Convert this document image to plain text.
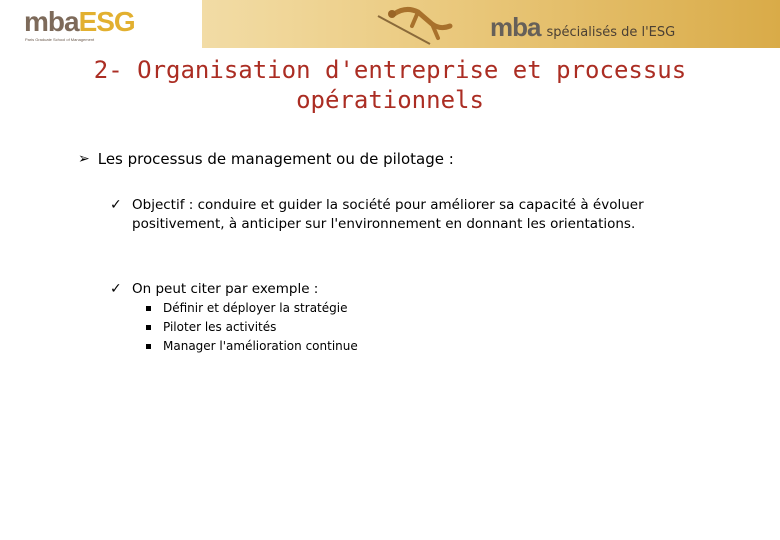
mbaESG
Paris Graduate School of Management	mba spécialisés de l'ESG
2- Organisation d'entreprise et processus opérationnels
➢ Les processus de management ou de pilotage :
✓ Objectif : conduire et guider la société pour améliorer sa capacité à évoluer positivement, à anticiper sur l'environnement en donnant les orientations.
✓ On peut citer par exemple :
Définir et déployer la stratégie
Piloter les activités
Manager l'amélioration continue
